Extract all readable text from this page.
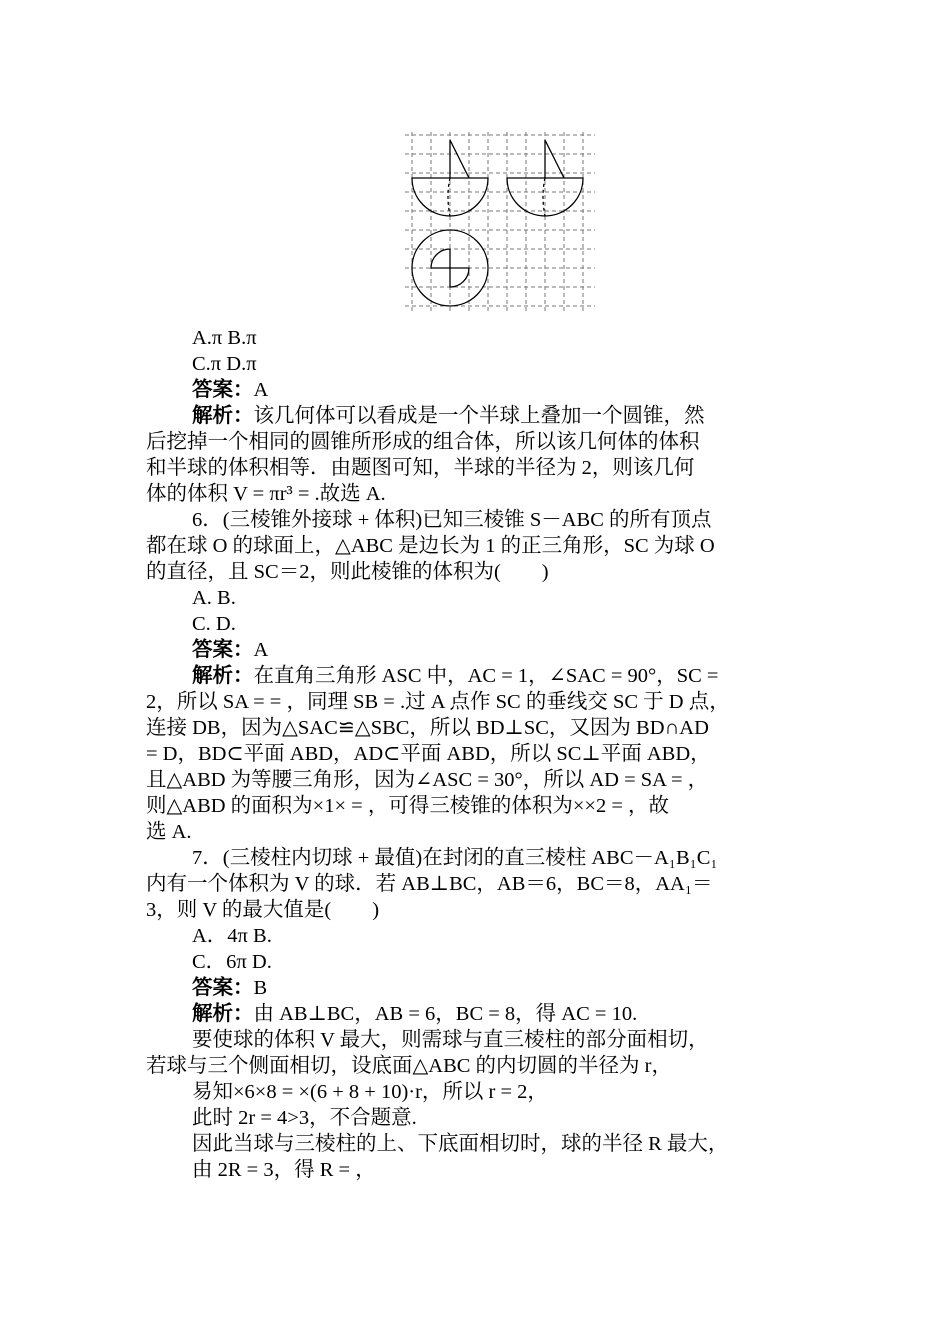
A.π B.π
C.π D.π
答案：A
解析：该几何体可以看成是一个半球上叠加一个圆锥，然
后挖掉一个相同的圆锥所形成的组合体，所以该几何体的体积
和半球的体积相等．由题图可知，半球的半径为 2，则该几何
体的体积 V = πr³ = .故选 A.
6．(三棱锥外接球 + 体积)已知三棱锥 S－ABC 的所有顶点
都在球 O 的球面上，△ABC 是边长为 1 的正三角形，SC 为球 O
的直径，且 SC＝2，则此棱锥的体积为(　　)
A. B.
C. D.
答案：A
解析：在直角三角形 ASC 中，AC = 1，∠SAC = 90°，SC =
2，所以 SA = = ，同理 SB = .过 A 点作 SC 的垂线交 SC 于 D 点，
连接 DB，因为△SAC≌△SBC，所以 BD⊥SC，又因为 BD∩AD
= D，BD⊂平面 ABD，AD⊂平面 ABD，所以 SC⊥平面 ABD，
且△ABD 为等腰三角形，因为∠ASC = 30°，所以 AD = SA = ，
则△ABD 的面积为×1× = ，可得三棱锥的体积为××2 = ，故
选 A.
7．(三棱柱内切球 + 最值)在封闭的直三棱柱 ABC－A₁B₁C₁
内有一个体积为 V 的球．若 AB⊥BC，AB＝6，BC＝8，AA₁＝
3，则 V 的最大值是(　　)
A．4π B.
C．6π D.
答案：B
解析：由 AB⊥BC，AB = 6，BC = 8，得 AC = 10.
要使球的体积 V 最大，则需球与直三棱柱的部分面相切，
若球与三个侧面相切，设底面△ABC 的内切圆的半径为 r，
易知×6×8 = ×(6 + 8 + 10)·r，所以 r = 2，
此时 2r = 4>3，不合题意.
因此当球与三棱柱的上、下底面相切时，球的半径 R 最大，
由 2R = 3，得 R = ，
